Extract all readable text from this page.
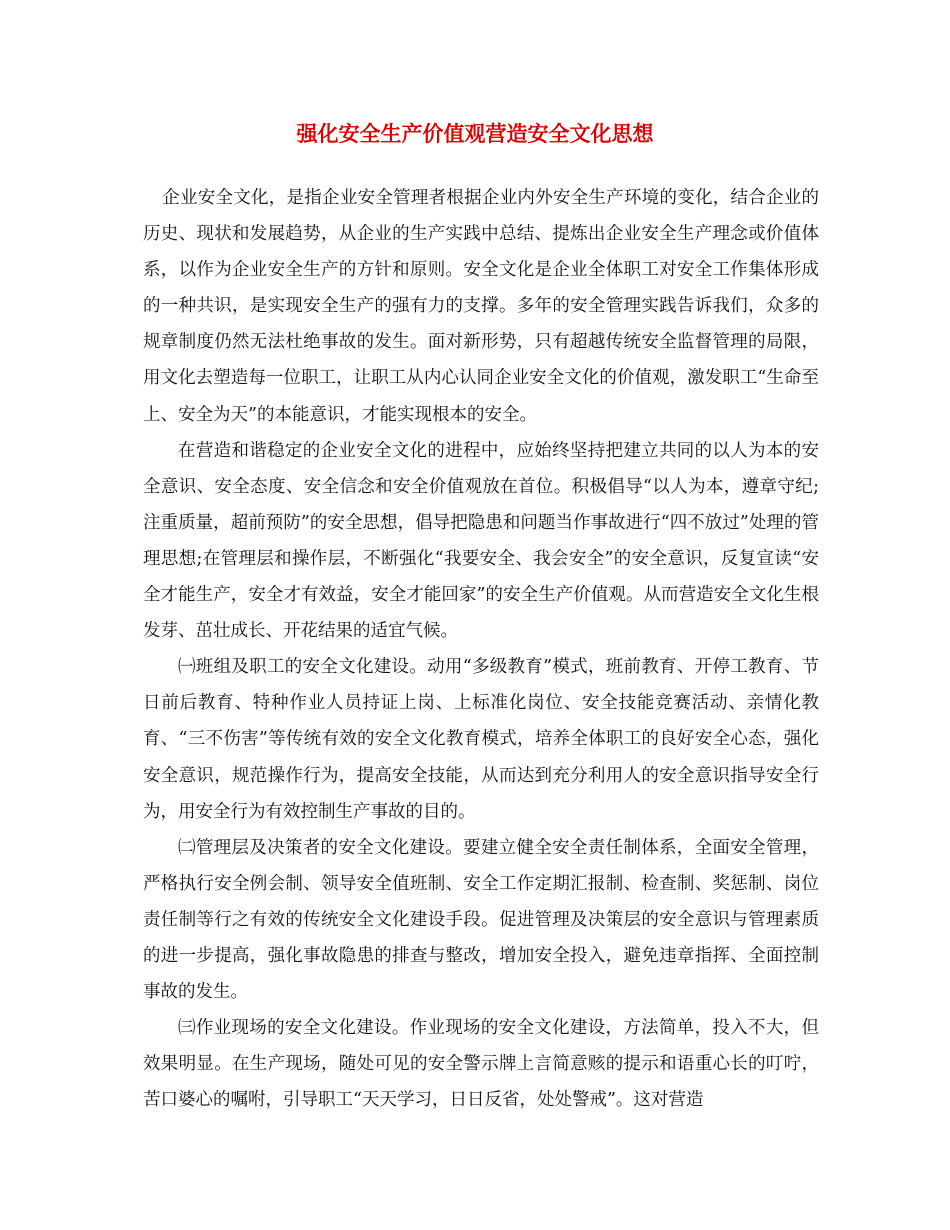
强化安全生产价值观营造安全文化思想

企业安全文化，是指企业安全管理者根据企业内外安全生产环境的变化，结合企业的历史、现状和发展趋势，从企业的生产实践中总结、提炼出企业安全生产理念或价值体系，以作为企业安全生产的方针和原则。安全文化是企业全体职工对安全工作集体形成的一种共识，是实现安全生产的强有力的支撑。多年的安全管理实践告诉我们，众多的规章制度仍然无法杜绝事故的发生。面对新形势，只有超越传统安全监督管理的局限，用文化去塑造每一位职工，让职工从内心认同企业安全文化的价值观，激发职工“生命至上、安全为天”的本能意识，才能实现根本的安全。

在营造和谐稳定的企业安全文化的进程中，应始终坚持把建立共同的以人为本的安全意识、安全态度、安全信念和安全价值观放在首位。积极倡导“以人为本，遵章守纪;注重质量，超前预防”的安全思想，倡导把隐患和问题当作事故进行“四不放过”处理的管理思想;在管理层和操作层，不断强化“我要安全、我会安全”的安全意识，反复宣读“安全才能生产，安全才有效益，安全才能回家”的安全生产价值观。从而营造安全文化生根发芽、茁壮成长、开花结果的适宜气候。

㈠班组及职工的安全文化建设。动用“多级教育”模式，班前教育、开停工教育、节日前后教育、特种作业人员持证上岗、上标准化岗位、安全技能竞赛活动、亲情化教育、“三不伤害”等传统有效的安全文化教育模式，培养全体职工的良好安全心态，强化安全意识，规范操作行为，提高安全技能，从而达到充分利用人的安全意识指导安全行为，用安全行为有效控制生产事故的目的。

㈡管理层及决策者的安全文化建设。要建立健全安全责任制体系，全面安全管理，严格执行安全例会制、领导安全值班制、安全工作定期汇报制、检查制、奖惩制、岗位责任制等行之有效的传统安全文化建设手段。促进管理及决策层的安全意识与管理素质的进一步提高，强化事故隐患的排查与整改，增加安全投入，避免违章指挥、全面控制事故的发生。

㈢作业现场的安全文化建设。作业现场的安全文化建设，方法简单，投入不大，但效果明显。在生产现场，随处可见的安全警示牌上言简意赅的提示和语重心长的叮咛，苦口婆心的嘱咐，引导职工“天天学习，日日反省，处处警戒”。这对营造
